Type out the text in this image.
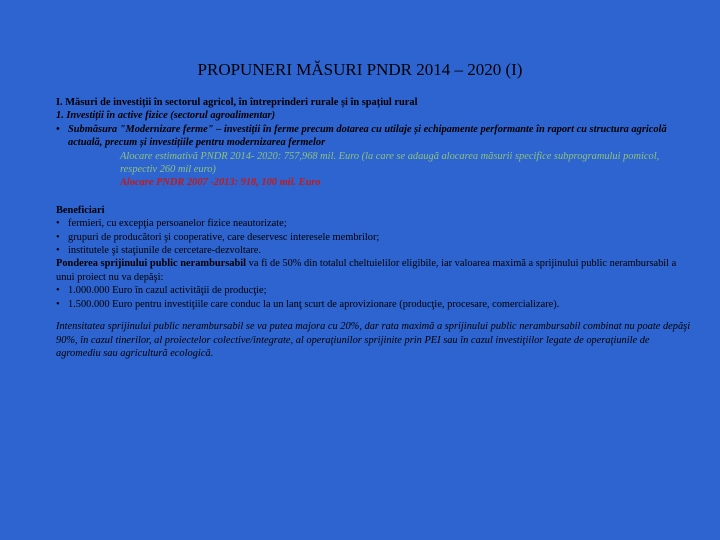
PROPUNERI MĂSURI PNDR 2014 – 2020 (I)

I. Măsuri de investiții în sectorul agricol, în întreprinderi rurale și în spațiul rural

1. Investiții în active fizice (sectorul agroalimentar)

• Submăsura "Modernizare ferme" – investiții în ferme precum dotarea cu utilaje și echipamente performante în raport cu structura agricolă actuală, precum și investițiile pentru modernizarea fermelor

Alocare estimativă PNDR 2014- 2020: 757,968 mil. Euro (la care se adaugă alocarea măsurii specifice subprogramului pomicol, respectiv 260 mil euro)

Alocare PNDR 2007 -2013: 918, 100 mil. Euro

Beneficiari

• fermieri, cu excepţia persoanelor fizice neautorizate;
• grupuri de producători şi cooperative, care deservesc interesele membrilor;
• institutele şi staţiunile de cercetare-dezvoltare.

Ponderea sprijinului public nerambursabil va fi de 50% din totalul cheltuielilor eligibile, iar valoarea maximă a sprijinului public nerambursabil a unui proiect nu va depăşi:

• 1.000.000 Euro în cazul activităţii de producţie;
• 1.500.000 Euro pentru investiţiile care conduc la un lanţ scurt de aprovizionare (producţie, procesare, comercializare).

Intensitatea sprijinului public nerambursabil se va putea majora cu 20%, dar rata maximă a sprijinului public nerambursabil combinat nu poate depăşi 90%, în cazul tinerilor, al proiectelor colective/integrate, al operaţiunilor sprijinite prin PEI sau în cazul investiţiilor legate de operaţiunile de agromediu sau agricultură ecologică.
